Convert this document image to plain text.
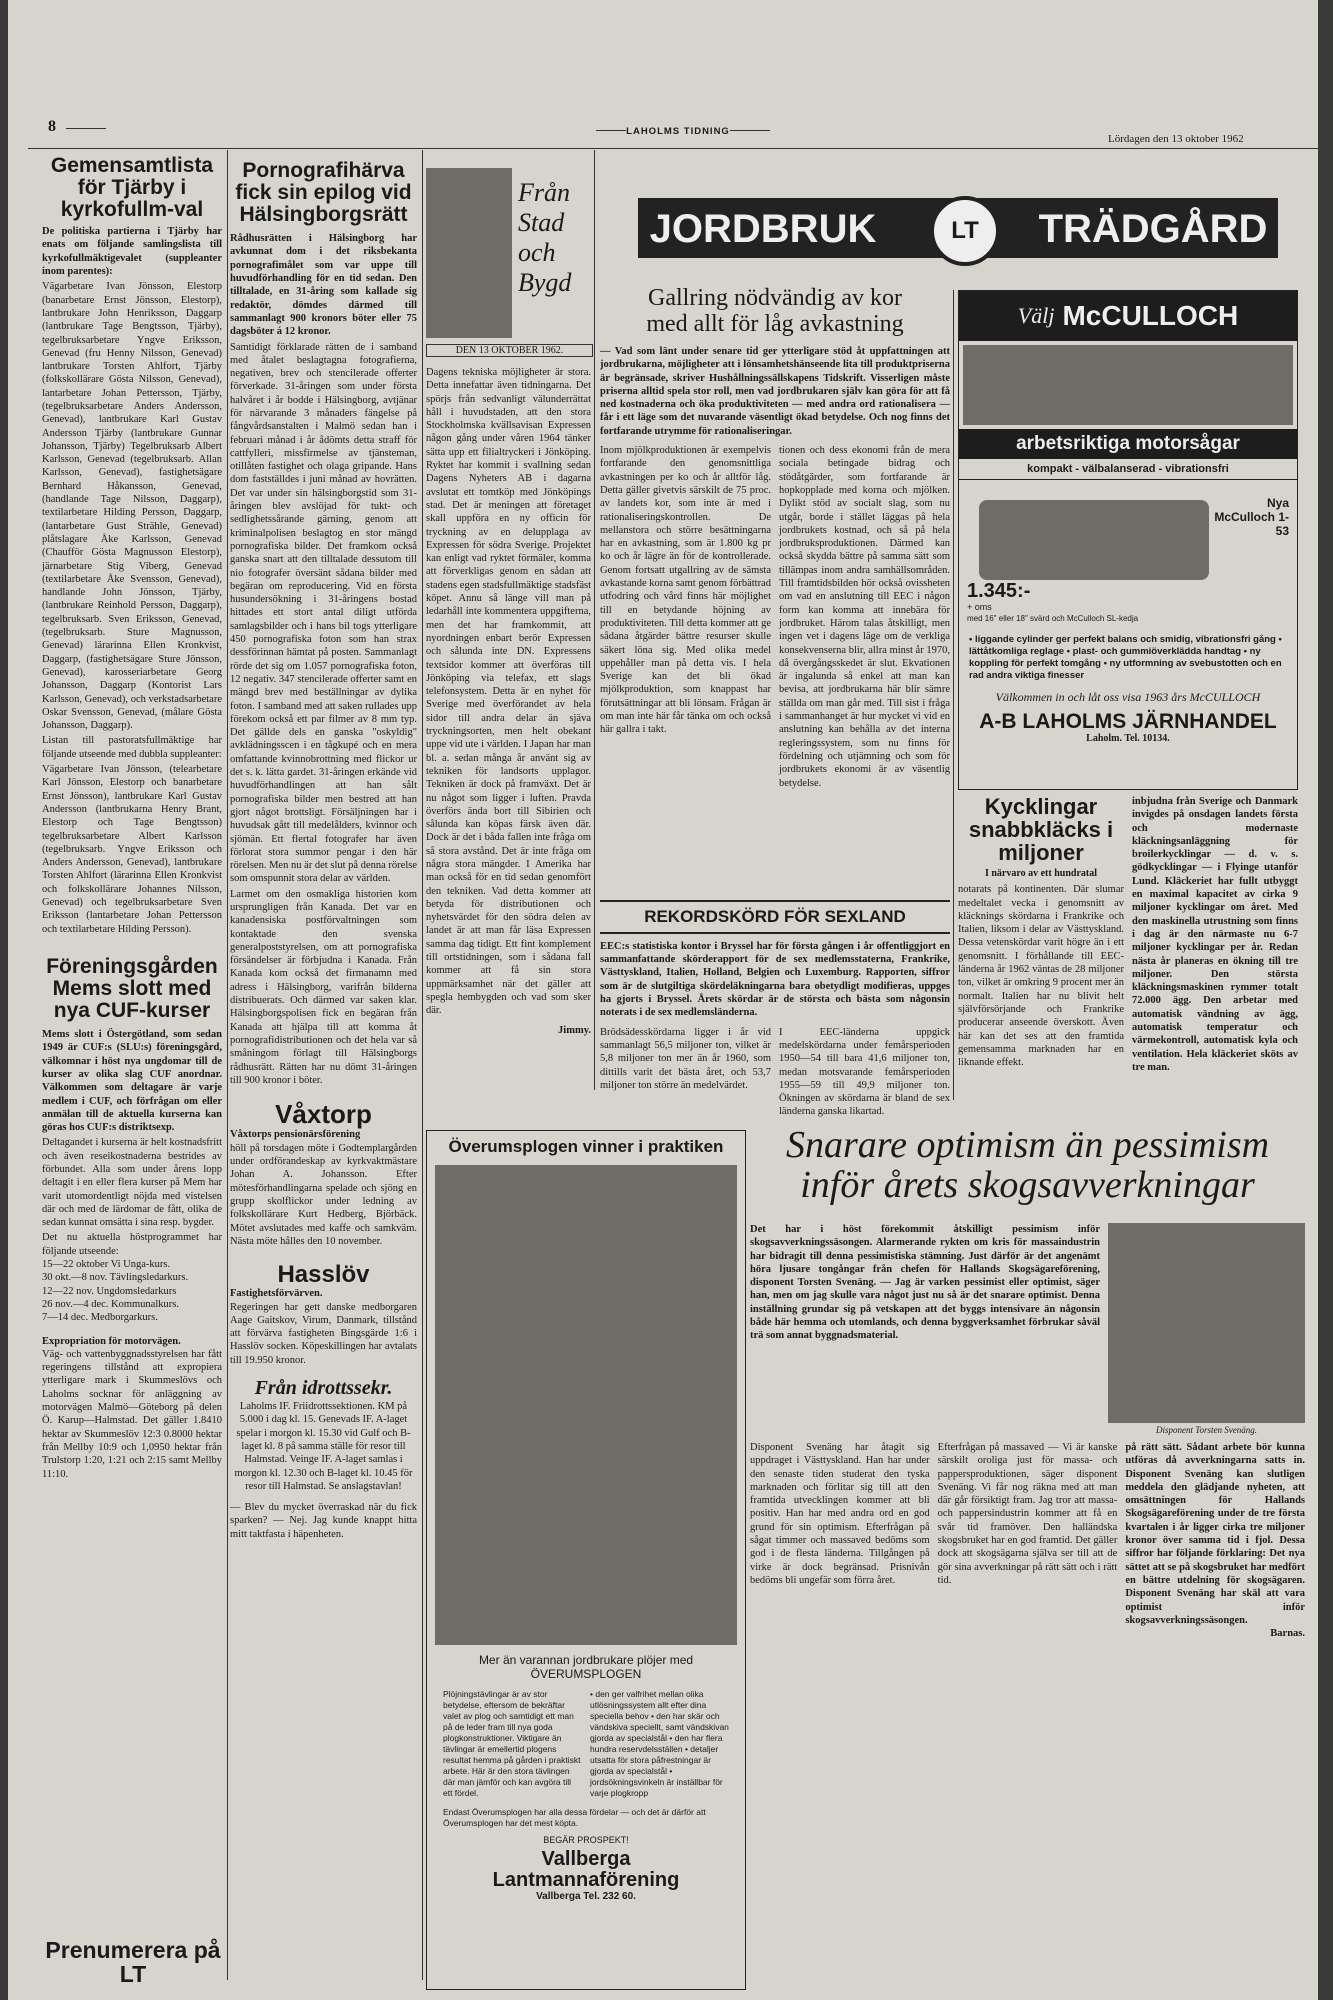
8	LAHOLMS TIDNING
Lördagen den 13 oktober 1962
Gemensamtlista för Tjärby i kyrkofullm-val
De politiska partierna i Tjärby har enats om följande samlingslista till kyrkofullmäktigevalet (suppleanter inom parentes):
Vägarbetare Ivan Jönsson, Elestorp (banarbetare Ernst Jönsson, Elestorp), lantbrukare John Henriksson, Daggarp (lantbrukare Tage Bengtsson, Tjärby), tegelbruksarbetare Yngve Eriksson, Genevad (fru Henny Nilsson, Genevad) lantbrukare Torsten Ahlfort, Tjärby (folkskollärare Gösta Nilsson, Genevad), lantarbetare Johan Pettersson, Tjärby, (tegelbruksarbetare Anders Andersson, Genevad), lantbrukare Karl Gustav Andersson Tjärby (lantbrukare Gunnar Johansson, Tjärby) Tegelbruksarb Albert Karlsson, Genevad (tegelbruksarb. Allan Karlsson, Genevad), fastighetsägare Bernhard Håkansson, Genevad, (handlande Tage Nilsson, Daggarp), textilarbetare Hilding Persson, Daggarp, (lantarbetare Gust Strähle, Genevad) plåtslagare Åke Karlsson, Genevad (Chaufför Gösta Magnusson Elestorp), järnarbetare Stig Viberg, Genevad (textilarbetare Åke Svensson, Genevad), handlande John Jönsson, Tjärby, (lantbrukare Reinhold Persson, Daggarp), tegelbruksarb. Sven Eriksson, Genevad, (tegelbruksarb. Sture Magnusson, Genevad) lärarinna Ellen Kronkvist, Daggarp, (fastighetsägare Sture Jönsson, Genevad), karosseriarbetare Georg Johansson, Daggarp (Kontorist Lars Karlsson, Genevad), och verkstadsarbetare Oskar Svensson, Genevad, (målare Gösta Johansson, Daggarp).
Listan till pastoratsfullmäktige har följande utseende med dubbla suppleanter:
Vägarbetare Ivan Jönsson, (telearbetare Karl Jönsson, Elestorp och banarbetare Ernst Jönsson), lantbrukare Karl Gustav Andersson (lantbrukarna Henry Brant, Elestorp och Tage Bengtsson) tegelbruksarbetare Albert Karlsson (tegelbruksarb. Yngve Eriksson och Anders Andersson, Genevad), lantbrukare Torsten Ahlfort (lärarinna Ellen Kronkvist och folkskollärare Johannes Nilsson, Genevad) och tegelbruksarbetare Sven Eriksson (lantarbetare Johan Pettersson och textilarbetare Hilding Persson).
Föreningsgården Mems slott med nya CUF-kurser
Mems slott i Östergötland, som sedan 1949 är CUF:s (SLU:s) föreningsgård, välkomnar i höst nya ungdomar till de kurser av olika slag CUF anordnar. Välkommen som deltagare är varje medlem i CUF, och förfrågan om eller anmälan till de aktuella kurserna kan göras hos CUF:s distriktsexp.
Deltagandet i kurserna är helt kostnadsfritt och även reseikostnaderna bestrides av förbundet. Alla som under årens lopp deltagit i en eller flera kurser på Mem har varit utomordentligt nöjda med vistelsen där och med de lärdomar de fått, olika de sedan kunnat omsätta i sina resp. bygder.
Det nu aktuella höstprogrammet har följande utseende:
15—22 oktober Vi Unga-kurs.
30 okt.—8 nov. Tävlingsledarkurs.
12—22 nov. Ungdomsledarkurs
26 nov.—4 dec. Kommunalkurs.
7—14 dec. Medborgarkurs.
Expropriation för motorvägen.
Väg- och vattenbyggnadsstyrelsen har fått regeringens tillstånd att expropiera ytterligare mark i Skummeslövs och Laholms socknar för anläggning av motorvägen Malmö—Göteborg på delen Ö. Karup—Halmstad. Det gäller 1.8410 hektar av Skummeslöv 12:3 0.8000 hektar från Mellby 10:9 och 1,0950 hektar från Trulstorp 1:20, 1:21 och 2:15 samt Mellby 11:10.
Prenumerera på LT
Pornografihärva fick sin epilog vid Hälsingborgsrätt
Rådhusrätten i Hälsingborg har avkunnat dom i det riksbekanta pornografimålet som var uppe till huvudförhandling för en tid sedan. Den tilltalade, en 31-åring som kallade sig redaktör, dömdes därmed till sammanlagt 900 kronors böter eller 75 dagsböter á 12 kronor.
Samtidigt förklarade rätten de i samband med åtalet beslagtagna fotografierna, negativen, brev och stencilerade offerter förverkade. 31-åringen som under första halvåret i år bodde i Hälsingborg, avtjänar för närvarande 3 månaders fängelse på fångvårdsanstalten i Malmö sedan han i februari månad i år ådömts detta straff för cattfylleri, missfirmelse av tjänsteman, otillåten fastighet och olaga gripande. Hans dom fastställdes i juni månad av hovrätten. Det var under sin hälsingborgstid som 31-åringen blev avslöjad för tukt- och sedlighetssårande gärning, genom att kriminalpolisen beslagtog en stor mängd pornografiska bilder. Det framkom också ganska snart att den tilltalade dessutom till nio fotografer översänt sådana bilder med begäran om reproducering. Vid en första husundersökning i 31-åringens bostad hittades ett stort antal diligt utförda samlagsbilder och i hans bil togs ytterligare 450 pornografiska foton som han strax dessförinnan hämtat på posten. Sammanlagt rörde det sig om 1.057 pornografiska foton, 12 negativ. 347 stencilerade offerter samt en mängd brev med beställningar av dylika foton. I samband med att saken rullades upp förekom också ett par filmer av 8 mm typ. Det gällde dels en ganska "oskyldig" avklädningsscen i en tågkupé och en mera omfattande kvinnobrottning med flickor ur det s. k. lätta gardet. 31-åringen erkände vid huvudförhandlingen att han sålt pornografiska bilder men bestred att han gjort något brottsligt. Försäljningen har i huvudsak gått till medelålders, kvinnor och sjömän. Ett flertal fotografer har även förlorat stora summor pengar i den här rörelsen. Men nu är det slut på denna rörelse som omspunnit stora delar av världen.
Larmet om den osmakliga historien kom ursprungligen från Kanada. Det var en kanadensiska postförvaltningen som kontaktade den svenska generalpoststyrelsen, om att pornografiska försändelser är förbjudna i Kanada. Från Kanada kom också det firmanamn med adress i Hälsingborg, varifrån bilderna distribuerats. Och därmed var saken klar. Hälsingborgspolisen fick en begäran från Kanada att hjälpa till att komma åt pornografidistributionen och det hela var så småningom förlagt till Hälsingborgs rådhusrätt. Rätten har nu dömt 31-åringen till 900 kronor i böter.
Våxtorp
Våxtorps pensionärsförening
höll på torsdagen möte i Godtemplargården under ordförandeskap av kyrkvaktmästare Johan A. Johansson. Efter mötesförhandlingarna spelade och sjöng en grupp skolflickor under ledning av folkskollärare Kurt Hedberg, Björbäck. Mötet avslutades med kaffe och samkväm. Nästa möte hålles den 10 november.
Hasslöv
Fastighetsförvärven.
Regeringen har gett danske medborgaren Aage Gaitskov, Virum, Danmark, tillstånd att förvärva fastigheten Bingsgärde 1:6 i Hasslöv socken. Köpeskillingen har avtalats till 19.950 kronor.
Från idrottssekr.
Laholms IF. Friidrottssektionen. KM på 5.000 i dag kl. 15. Genevads IF. A-laget spelar i morgon kl. 15.30 vid Gulf och B-laget kl. 8 på samma ställe för resor till Halmstad. Veinge IF. A-laget samlas i morgon kl. 12.30 och B-laget kl. 10.45 för resor till Halmstad. Se anslagstavlan!
— Blev du mycket överraskad när du fick sparken? — Nej. Jag kunde knappt hitta mitt taktfasta i häpenheten.
Från Stad och Bygd
DEN 13 OKTOBER 1962.
Dagens tekniska möjligheter är stora. Detta innefattar även tidningarna. Det spörjs från sedvanligt välunderrättat håll i huvudstaden, att den stora Stockholmska kvällsavisan Expressen någon gång under våren 1964 tänker sätta upp ett filialtryckeri i Jönköping. Ryktet har kommit i svallning sedan Dagens Nyheters AB i dagarna avslutat ett tomtköp med Jönköpings stad. Det är meningen att företaget skall uppföra en ny officin för tryckning av en delupplaga av Expressen för södra Sverige. Projektet kan enligt vad ryktet förmäler, komma att förverkligas genom en sådan att stadens egen stadsfullmäktige stadsfäst köpet. Annu så länge vill man på ledarhåll inte kommentera uppgifterna, men det har framkommit, att nyordningen enbart berör Expressen och sålunda inte DN. Expressens textsidor kommer att överföras till Jönköping via telefax, ett slags telefonsystem. Detta är en nyhet för Sverige med överförandet av hela sidor till andra delar än sjäva tryckningsorten, men helt obekant uppe vid ute i världen. I Japan har man bl. a. sedan många år använt sig av tekniken för landsorts upplagor. Tekniken är dock på framväxt. Det är nu något som ligger i luften. Pravda överförs ända bort till Sibirien och sålunda kan köpas färsk även där. Dock är det i båda fallen inte fråga om så stora avstånd. Det är inte fråga om några stora mängder. I Amerika har man också för en tid sedan genomfört den tekniken. Vad detta kommer att betyda för distributionen och nyhetsvärdet för den södra delen av landet är att man får läsa Expressen samma dag tidigt. Ett fint komplement till ortstidningen, som i sådana fall kommer att få sin stora uppmärksamhet när det gäller att spegla hembygden och vad som sker där.
Jimmy.
JORDBRUK	LT	TRÄDGÅRD
Gallring nödvändig av kor
med allt för låg avkastning
— Vad som länt under senare tid ger ytterligare stöd åt uppfattningen att jordbrukarna, möjligheter att i lönsamhetshänseende lita till produktpriserna är begränsade, skriver Hushållningssällskapens Tidskrift. Visserligen måste priserna alltid spela stor roll, men vad jordbrukaren själv kan göra för att få ned kostnaderna och öka produktiviteten — med andra ord rationalisera — får i ett läge som det nuvarande väsentligt ökad betydelse. Och nog finns det fortfarande utrymme för rationaliseringar.
Inom mjölkproduktionen är exempelvis fortfarande den genomsnittliga avkastningen per ko och år alltför låg. Detta gäller givetvis särskilt de 75 proc. av landets kor, som inte är med i rationaliseringskontrollen. De mellanstora och större besättningarna har en avkastning, som är 1.800 kg pr ko och år lägre än för de kontrollerade. Genom fortsatt utgallring av de sämsta avkastande korna samt genom förbättrad utfodring och vård finns här möjlighet till en betydande höjning av produktiviteten. Till detta kommer att ge sådana åtgärder bättre resurser skulle säkert löna sig. Med olika medel uppehåller man på detta vis. I hela Sverige kan det bli ökad mjölkproduktion, som knappast har förutsättningar att bli lönsam. Frågan är om man inte här får tänka om och också här gallra i takt.
tionen och dess ekonomi från de mera sociala betingade bidrag och stödåtgärder, som fortfarande är hopkopplade med korna och mjölken. Dylikt stöd av socialt slag, som nu utgår, borde i stället läggas på hela jordbrukets kostnad, och så på hela jordbruksproduktionen. Därmed kan också skydda bättre på samma sätt som tillämpas inom andra samhällsområden. Till framtidsbilden hör också ovissheten om vad en anslutning till EEC i någon form kan komma att innebära för jordbruket. Härom talas åtskilligt, men ingen vet i dagens läge om de verkliga konsekvenserna blir, allra minst år 1970, då övergångsskedet är slut. Ekvationen är ingalunda så enkel att man kan bevisa, att jordbrukarna här blir sämre ställda om man går med. Till sist i fråga i sammanhanget är hur mycket vi vid en anslutning kan behålla av det interna regleringssystem, som nu finns för fördelning och utjämning och som för jordbrukets ekonomi är av väsentlig betydelse.
REKORDSKÖRD FÖR SEXLAND
EEC:s statistiska kontor i Bryssel har för första gången i år offentliggjort en sammanfattande skörderapport för de sex medlemsstaterna, Frankrike, Västtyskland, Italien, Holland, Belgien och Luxemburg. Rapporten, siffror som är de slutgiltiga skördeläkningarna bara obetydligt modifieras, uppges ha gjorts i Bryssel. Årets skördar är de största och bästa som någonsin noterats i de sex medlemsländerna.
Brödsädesskördarna ligger i år vid sammanlagt 56,5 miljoner ton, vilket är 5,8 miljoner ton mer än år 1960, som dittills varit det bästa året, och 53,7 miljoner ton större än medelvärdet.
I EEC-länderna uppgick medelskördarna under femårsperioden 1950—54 till bara 41,6 miljoner ton, medan motsvarande femårsperioden 1955—59 till 49,9 miljoner ton. Ökningen av skördarna är bland de sex länderna ganska likartad.
Välj McCULLOCH
arbetsriktiga motorsågar
kompakt - välbalanserad - vibrationsfri
Nya McCulloch 1-53
1.345:-
+ oms
med 16" eller 18" svärd och McCulloch SL-kedja
• liggande cylinder ger perfekt balans och smidig, vibrationsfri gång • lättåtkomliga reglage • plast- och gummiöverklädda handtag • ny koppling för perfekt tomgång • ny utformning av svebustotten och en rad andra viktiga finesser
Välkommen in och låt oss visa 1963 års McCULLOCH
A-B LAHOLMS JÄRNHANDEL
Laholm. Tel. 10134.
Kycklingar snabbkläcks i miljoner
I närvaro av ett hundratal
notarats på kontinenten. Där slumar medeltalet vecka i genomsnitt av kläcknings skördarna i Frankrike och Italien, liksom i delar av Västtyskland. Dessa vetenskördar varit högre än i ett genomsnitt. I förhållande till EEC-länderna år 1962 väntas de 28 miljoner ton, vilket är omkring 9 procent mer än normalt. Italien har nu blivit helt självförsörjande och Frankrike producerar anseende överskott. Även här kan det ses att den framtida gemensamma marknaden har en liknande effekt.
inbjudna från Sverige och Danmark invigdes på onsdagen landets första och modernaste kläckningsanläggning för broilerkycklingar — d. v. s. gödkycklingar — i Flyinge utanför Lund. Kläckeriet har fullt utbyggt en maximal kapacitet av cirka 9 miljoner kycklingar om året. Med den maskinella utrustning som finns i dag är den närmaste nu 6-7 miljoner kycklingar per år. Redan nästa år planeras en ökning till tre miljoner. Den största kläckningsmaskinen rymmer totalt 72.000 ägg. Den arbetar med automatisk vändning av ägg, automatisk temperatur och värmekontroll, automatisk kyla och ventilation. Hela kläckeriet sköts av tre man.
Överumsplogen vinner i praktiken
Mer än varannan jordbrukare plöjer med ÖVERUMSPLOGEN
Plöjningstävlingar är av stor betydelse, eftersom de bekräftar valet av plog och samtidigt ett man på de leder fram till nya goda plogkonstruktioner. Viktigare än tävlingar är emellertid plogens resultat hemma på gården i praktiskt arbete. Här är den stora tävlingen där man jämför och kan avgöra till ett fördel.
• den ger valfrihet mellan olika utlösningssystem allt efter dina speciella behov • den har skär och vändskiva speciellt, samt vändskivan gjorda av specialstål • den har flera hundra reservdelsställen • detaljer utsatta för stora påfrestningar är gjorda av specialstål • jordsökningsvinkeln är inställbar för varje plogkropp
Endast Överumsplogen har alla dessa fördelar — och det är därför att Överumsplogen har det mest köpta.
BEGÄR PROSPEKT!
Vallberga Lantmannaförening
Vallberga Tel. 232 60.
Snarare optimism än pessimism
inför årets skogsavverkningar
Det har i höst förekommit åtskilligt pessimism inför skogsavverkningssäsongen. Alarmerande rykten om kris för massaindustrin har bidragit till denna pessimistiska stämning. Just därför är det angenämt höra ljusare tongångar från chefen för Hallands Skogsägareförening, disponent Torsten Svenäng. — Jag är varken pessimist eller optimist, säger han, men om jag skulle vara något just nu så är det snarare optimist. Denna inställning grundar sig på vetskapen att det byggs intensivare än någonsin både här hemma och utomlands, och denna byggverksamhet förbrukar såväl trä som annat byggnadsmaterial.
Disponent Torsten Svenäng.
Disponent Svenäng har åtagit sig uppdraget i Västtyskland. Han har under den senaste tiden studerat den tyska marknaden och förlitar sig till att den framtida utvecklingen kommer att bli positiv. Han har med andra ord en god grund för sin optimism. Efterfrågan på sågat timmer och massaved bedöms som god i de flesta länderna. Tillgången på virke är dock begränsad. Prisnivån bedöms bli ungefär som förra året.
Efterfrågan på massaved — Vi är kanske särskilt oroliga just för massa- och pappersproduktionen, säger disponent Svenäng. Vi får nog räkna med att man där går försiktigt fram. Jag tror att massa- och pappersindustrin kommer att få en svår tid framöver. Den halländska skogsbruket har en god framtid. Det gäller dock att skogsägarna själva ser till att de gör sina avverkningar på rätt sätt och i rätt tid.
på rätt sätt. Sådant arbete bör kunna utföras då avverkningarna satts in. Disponent Svenäng kan slutligen meddela den glädjande nyheten, att omsättningen för Hallands Skogsägareförening under de tre första kvartalen i år ligger cirka tre miljoner kronor över samma tid i fjol. Dessa siffror har följande förklaring: Det nya sättet att se på skogsbruket har medfört en bättre utdelning för skogsägaren. Disponent Svenäng har skäl att vara optimist inför skogsavverkningssäsongen.
Barnas.
